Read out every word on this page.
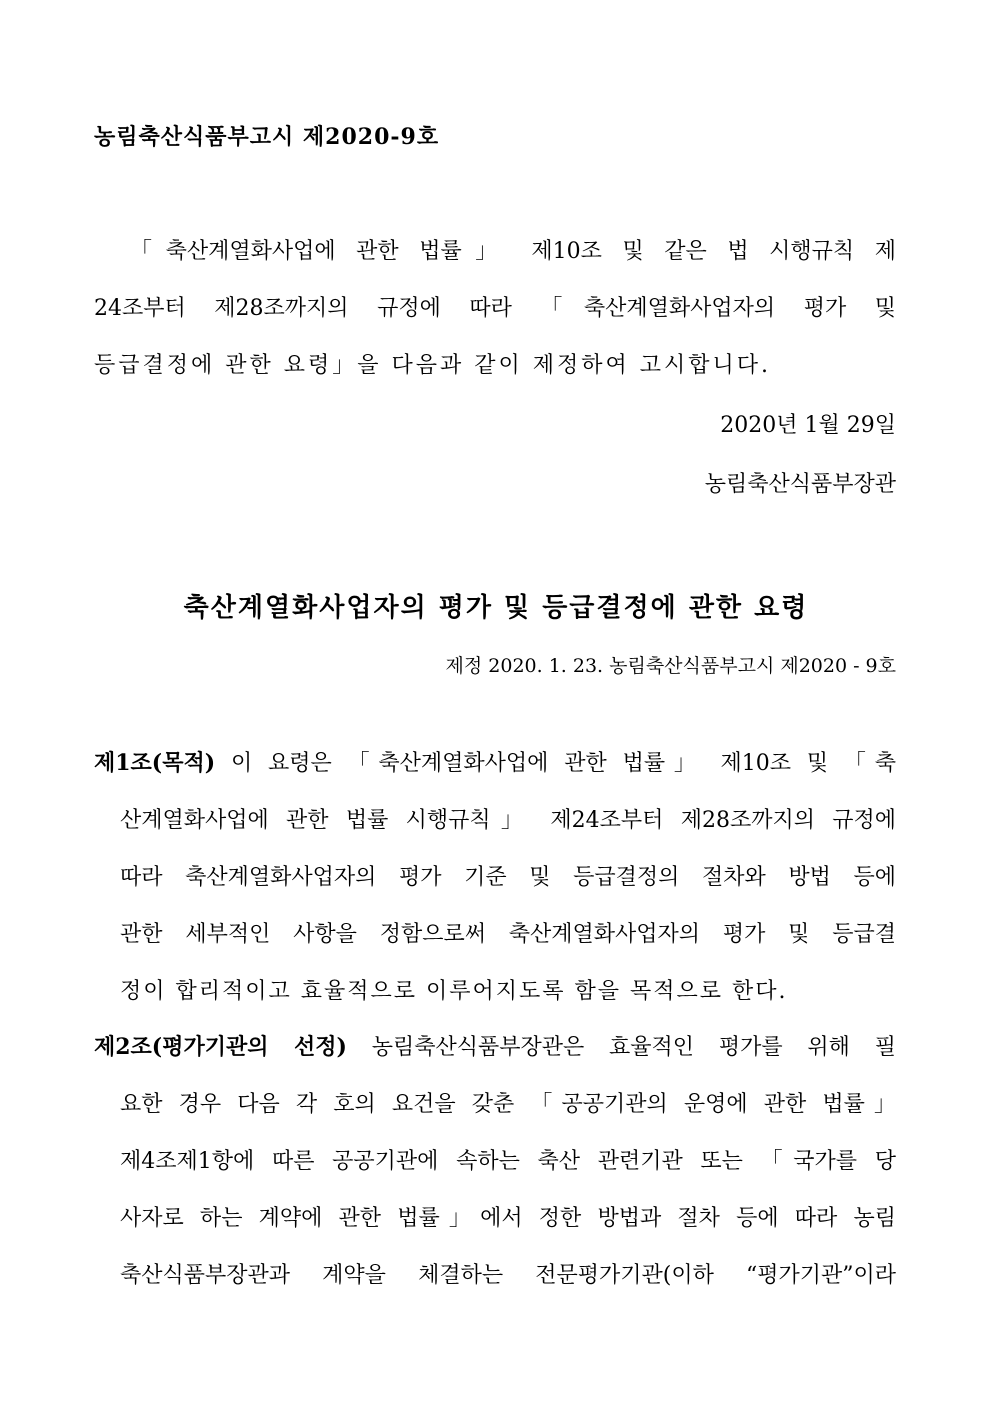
농림축산식품부고시 제2020-9호
「축산계열화사업에 관한 법률」 제10조 및 같은 법 시행규칙 제
24조부터 제28조까지의 규정에 따라 「축산계열화사업자의 평가 및
등급결정에 관한 요령」을 다음과 같이 제정하여 고시합니다.
2020년 1월 29일
농림축산식품부장관
축산계열화사업자의 평가 및 등급결정에 관한 요령
제정 2020. 1. 23. 농림축산식품부고시 제2020 - 9호
제1조(목적) 이 요령은 「축산계열화사업에 관한 법률」 제10조 및 「축
산계열화사업에 관한 법률 시행규칙」 제24조부터 제28조까지의 규정에
따라 축산계열화사업자의 평가 기준 및 등급결정의 절차와 방법 등에
관한 세부적인 사항을 정함으로써 축산계열화사업자의 평가 및 등급결
정이 합리적이고 효율적으로 이루어지도록 함을 목적으로 한다.
제2조(평가기관의 선정) 농림축산식품부장관은 효율적인 평가를 위해 필
요한 경우 다음 각 호의 요건을 갖춘 「공공기관의 운영에 관한 법률」
제4조제1항에 따른 공공기관에 속하는 축산 관련기관 또는 「국가를 당
사자로 하는 계약에 관한 법률」에서 정한 방법과 절차 등에 따라 농림
축산식품부장관과 계약을 체결하는 전문평가기관(이하 “평가기관”이라
